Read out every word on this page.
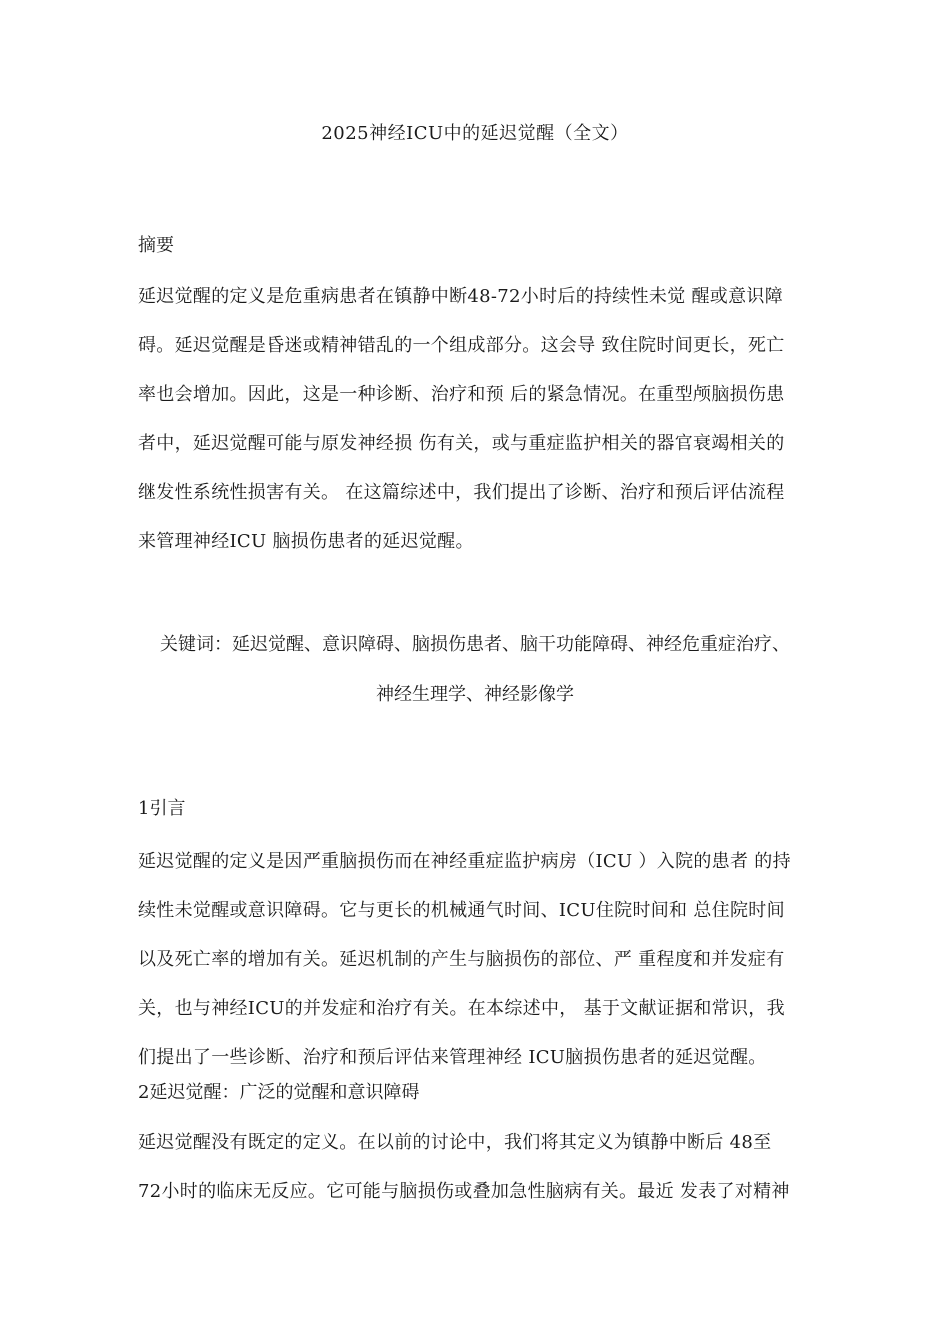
2025神经ICU中的延迟觉醒（全文）
摘要
延迟觉醒的定义是危重病患者在镇静中断48-72小时后的持续性未觉 醒或意识障
碍。延迟觉醒是昏迷或精神错乱的一个组成部分。这会导 致住院时间更长，死亡
率也会增加。因此，这是一种诊断、治疗和预 后的紧急情况。在重型颅脑损伤患
者中，延迟觉醒可能与原发神经损 伤有关，或与重症监护相关的器官衰竭相关的
继发性系统性损害有关。 在这篇综述中，我们提出了诊断、治疗和预后评估流程
来管理神经ICU 脑损伤患者的延迟觉醒。
关键词：延迟觉醒、意识障碍、脑损伤患者、脑干功能障碍、神经危重症治疗、
神经生理学、神经影像学
1引言
延迟觉醒的定义是因严重脑损伤而在神经重症监护病房（ICU ）入院的患者 的持
续性未觉醒或意识障碍。它与更长的机械通气时间、ICU住院时间和 总住院时间
以及死亡率的增加有关。延迟机制的产生与脑损伤的部位、严 重程度和并发症有
关，也与神经ICU的并发症和治疗有关。在本综述中， 基于文献证据和常识，我
们提出了一些诊断、治疗和预后评估来管理神经 ICU脑损伤患者的延迟觉醒。
2延迟觉醒：广泛的觉醒和意识障碍
延迟觉醒没有既定的定义。在以前的讨论中，我们将其定义为镇静中断后 48至
72小时的临床无反应。它可能与脑损伤或叠加急性脑病有关。最近 发表了对精神
